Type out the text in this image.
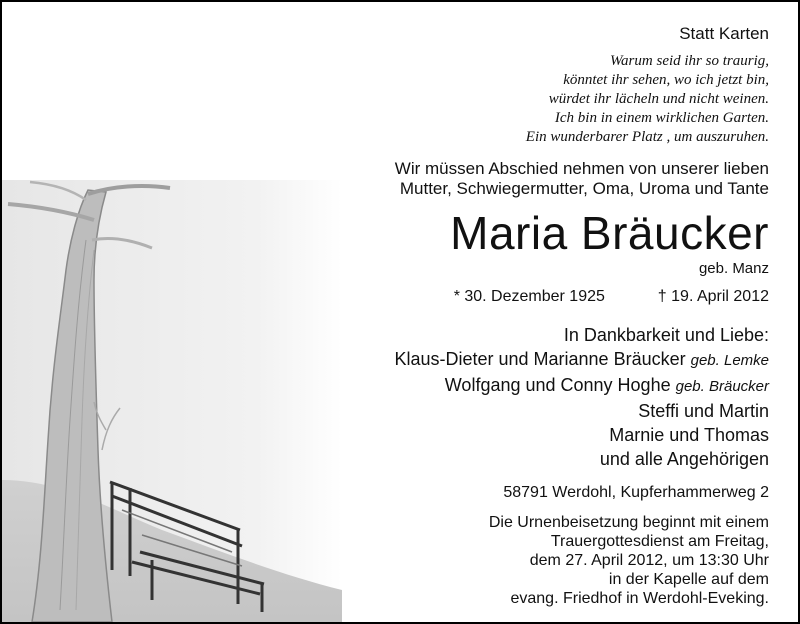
Statt Karten
Warum seid ihr so traurig,
könntet ihr sehen, wo ich jetzt bin,
würdet ihr lächeln und nicht weinen.
Ich bin in einem wirklichen Garten.
Ein wunderbarer Platz , um auszuruhen.
Wir müssen Abschied nehmen von unserer lieben
Mutter, Schwiegermutter, Oma, Uroma und Tante
Maria Bräucker
geb. Manz
* 30. Dezember 1925	† 19. April 2012
In Dankbarkeit und Liebe:
Klaus-Dieter und Marianne Bräucker geb. Lemke
Wolfgang und Conny Hoghe geb. Bräucker
Steffi und Martin
Marnie und Thomas
und alle Angehörigen
58791 Werdohl, Kupferhammerweg 2
Die Urnenbeisetzung beginnt mit einem
Trauergottesdienst am Freitag,
dem 27. April 2012, um 13:30 Uhr
in der Kapelle auf dem
evang. Friedhof in Werdohl-Eveking.
